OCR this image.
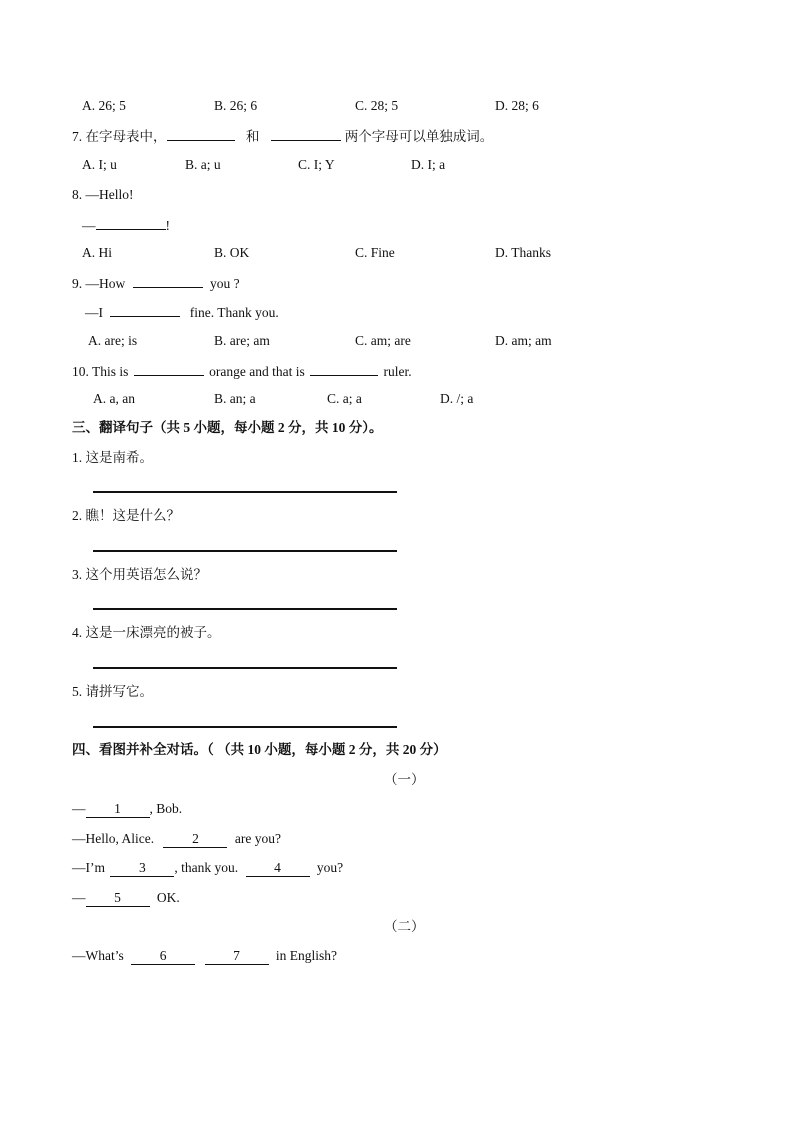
A. 26; 5	B. 26; 6	C. 28; 5	D. 28; 6
7. 在字母表中，	和	两个字母可以单独成词。
A. I; u	B. a; u	C. I; Y	D. I; a
8. —Hello!
—	!
A. Hi	B. OK	C. Fine	D. Thanks
9. —How	you ?
—I	fine. Thank you.
A. are; is	B. are; am	C. am; are	D. am; am
10. This is	orange and that is	ruler.
A. a, an	B. an; a	C. a; a	D. /; a
三、翻译句子（共 5 小题，每小题 2 分，共 10 分）。
1. 这是南希。
2. 瞧！这是什么？
3. 这个用英语怎么说？
4. 这是一床漂亮的被子。
5. 请拼写它。
四、看图并补全对话。（ （共 10 小题，每小题 2 分，共 20 分）
（一）
— 1 , Bob.
—Hello, Alice.	2	are you?
—I’m	3 , thank you.	4	you?
— 5	OK.
（二）
—What’s	6	7	in English?
